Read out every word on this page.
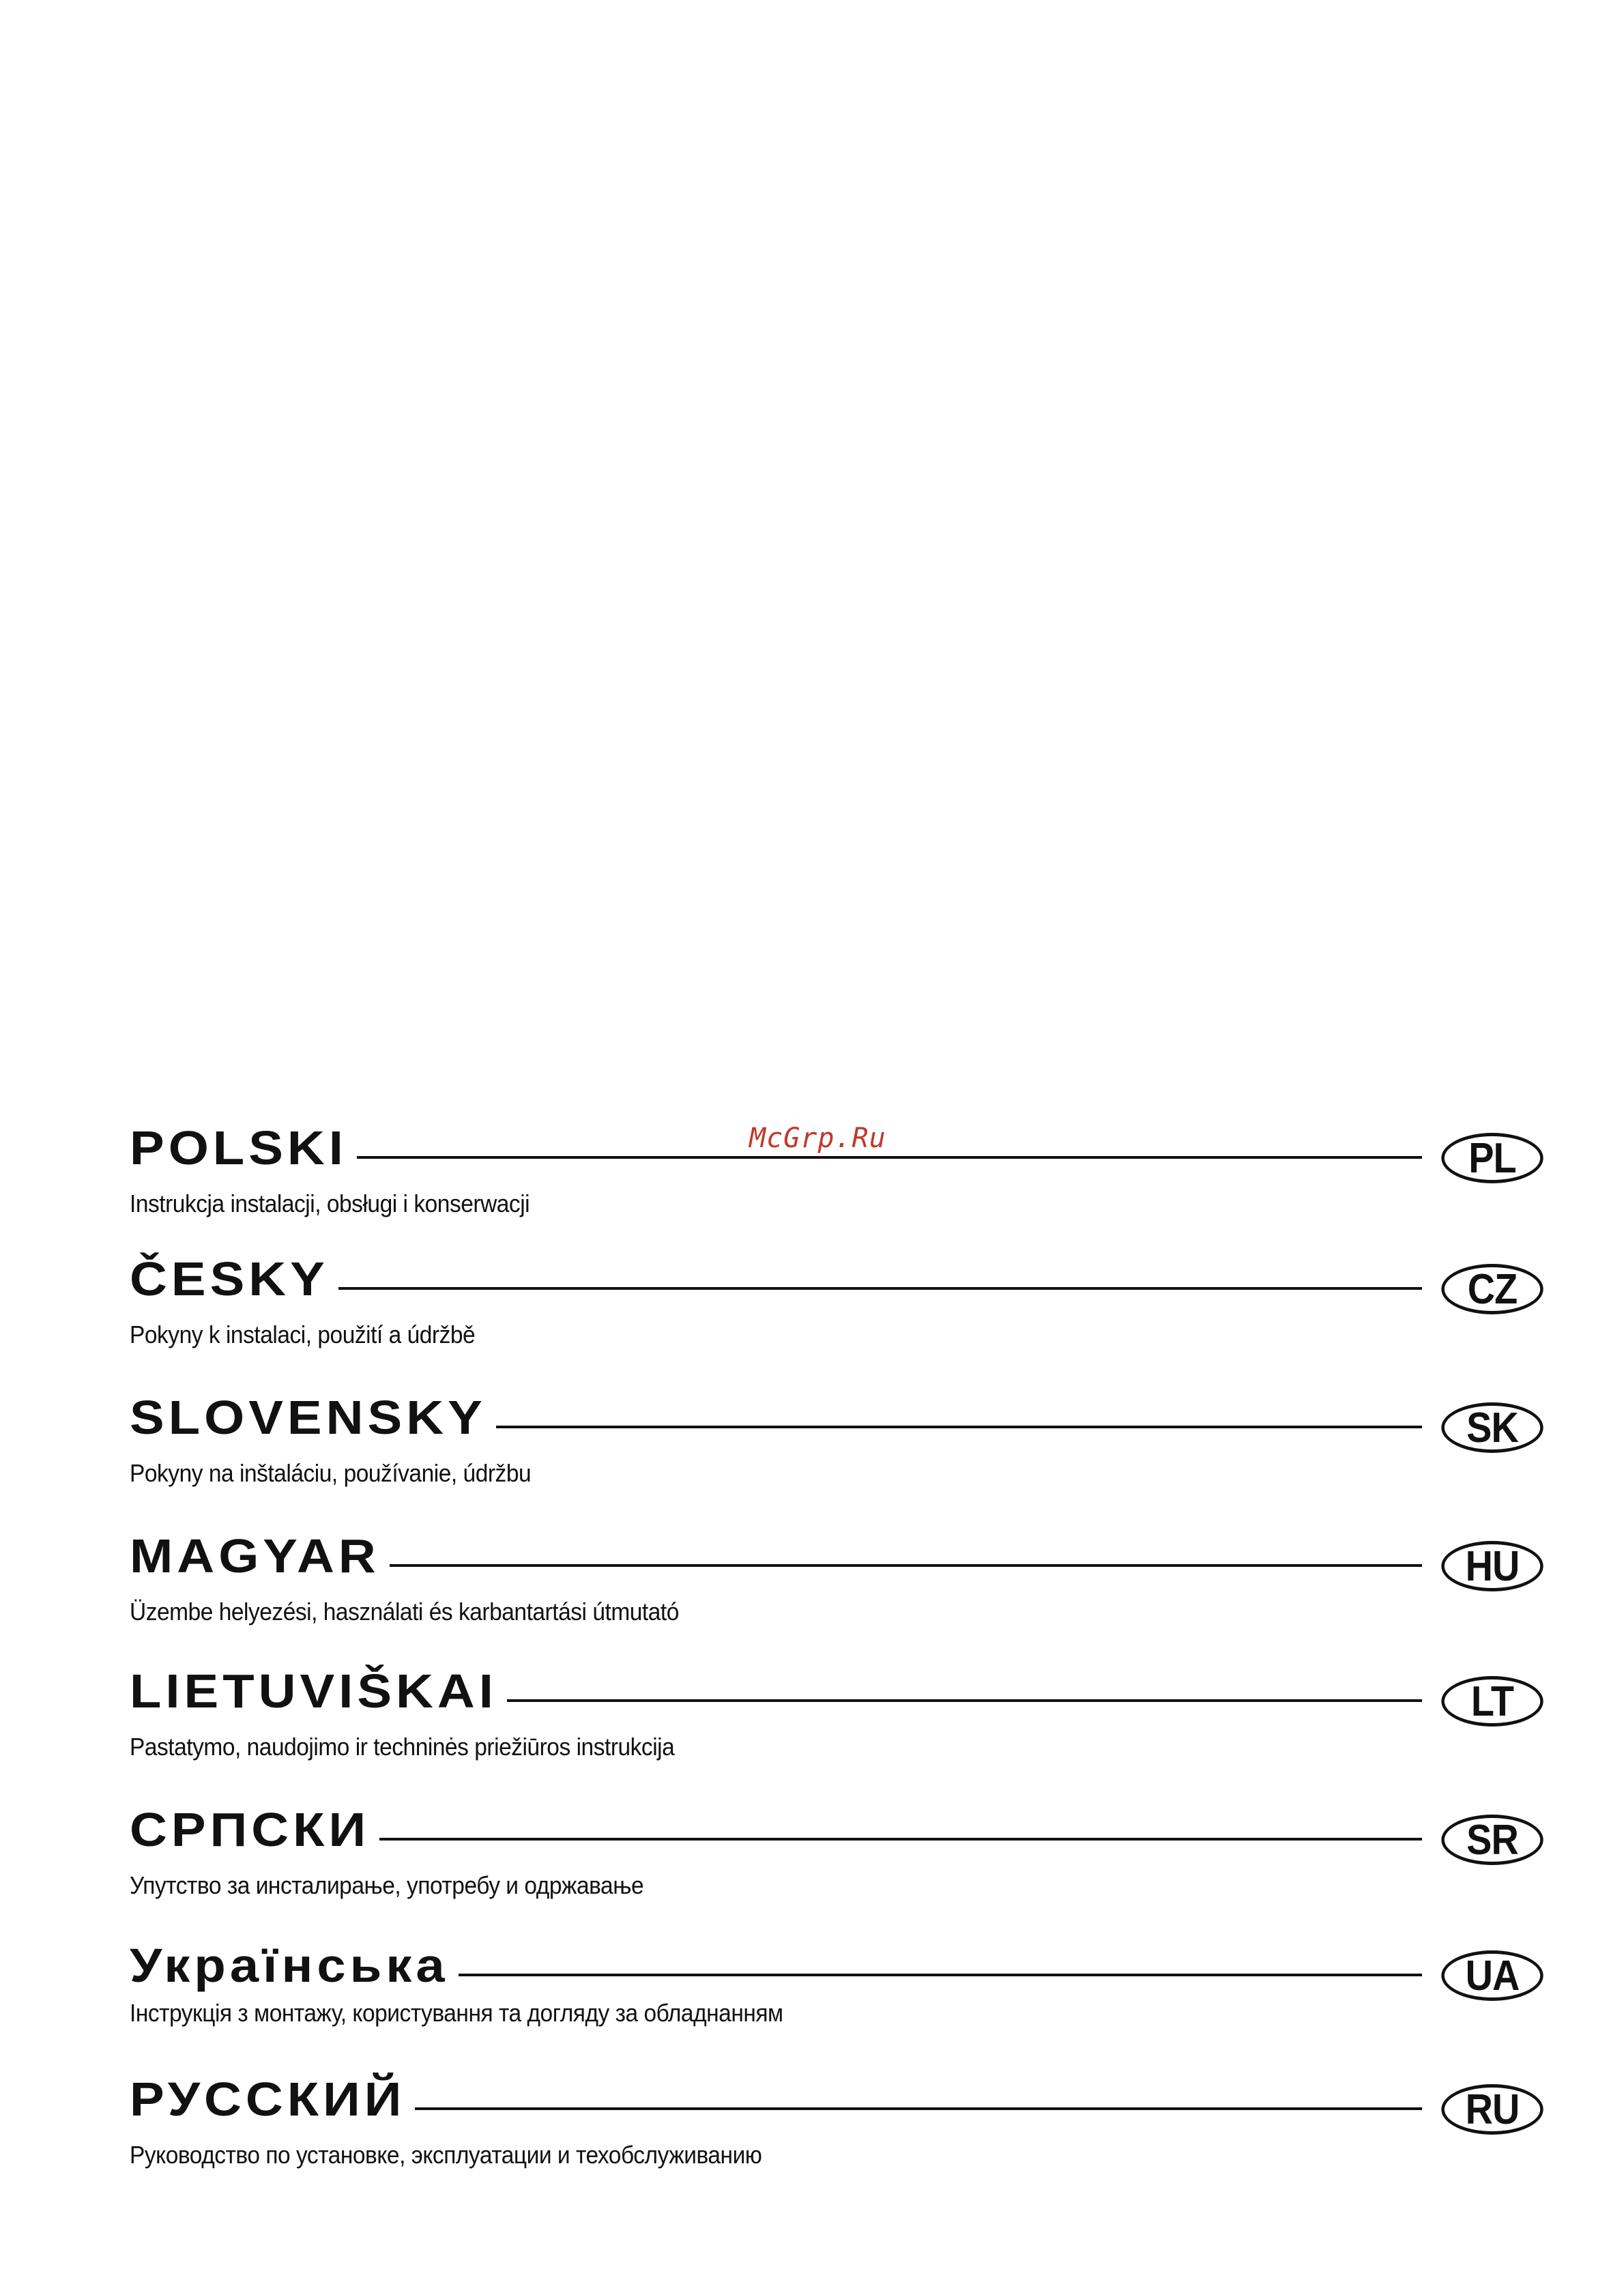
McGrp.Ru
POLSKI	PL
Instrukcja instalacji, obsługi i konserwacji
ČESKY	CZ
Pokyny k instalaci, použití a údržbě
SLOVENSKY	SK
Pokyny na inštaláciu, používanie, údržbu
MAGYAR	HU
Üzembe helyezési, használati és karbantartási útmutató
LIETUVIŠKAI	LT
Pastatymo, naudojimo ir techninės priežiūros instrukcija
СРПСКИ	SR
Упутство за инсталирање, употребу и одржавање
Українська	UA
Інструкція з монтажу, користування та догляду за обладнанням
РУССКИЙ	RU
Руководство по установке, эксплуатации и техобслуживанию
